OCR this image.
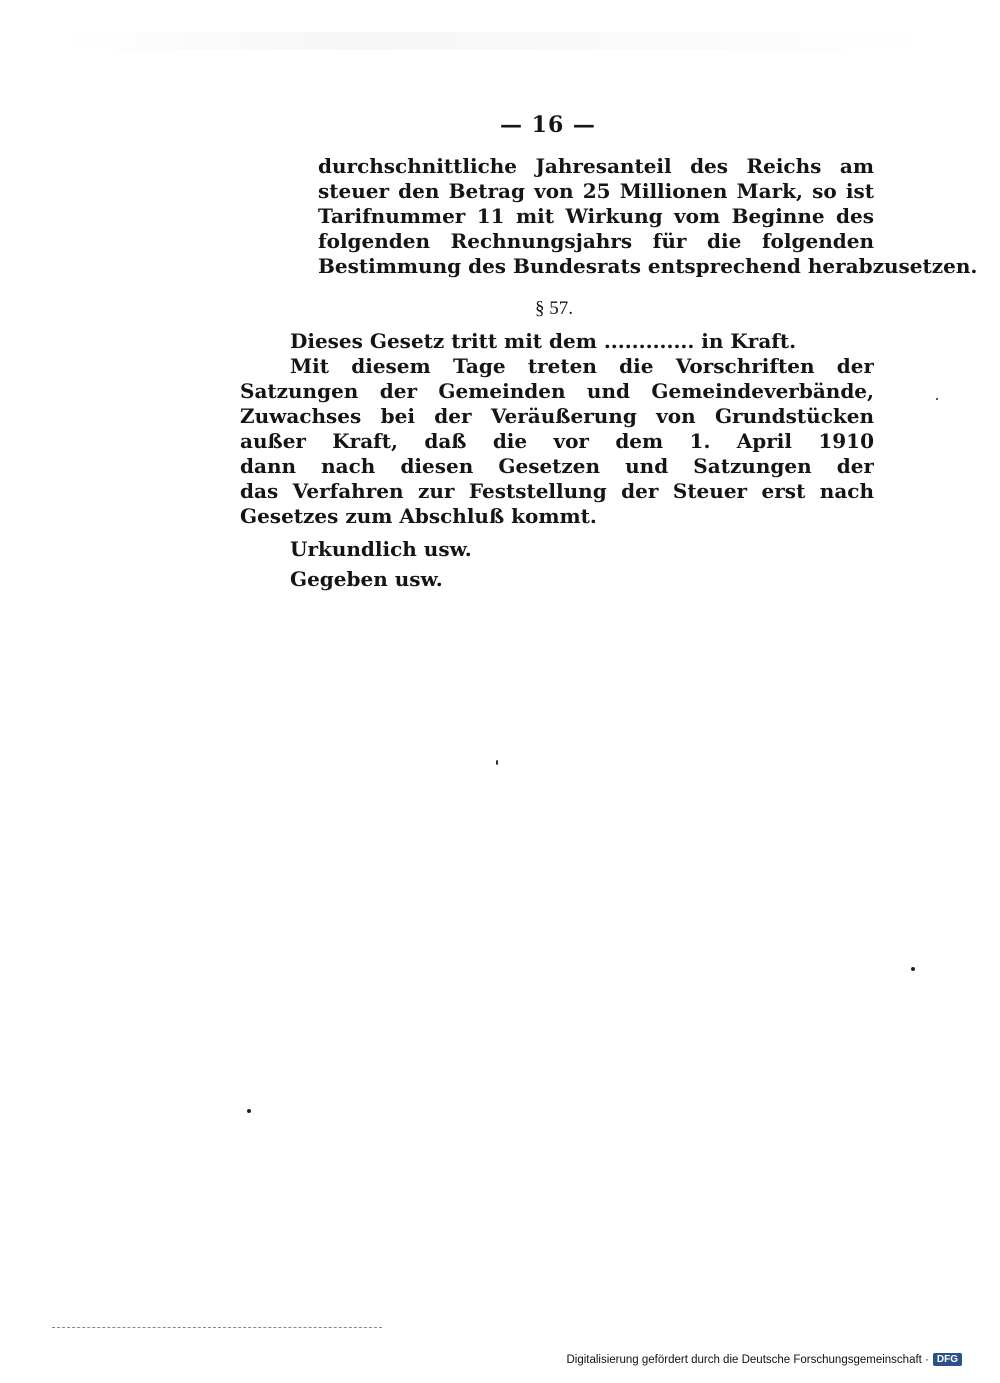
— 16 —
durchschnittliche Jahresanteil des Reichs am
steuer den Betrag von 25 Millionen Mark, so ist
Tarifnummer 11 mit Wirkung vom Beginne des
folgenden Rechnungsjahrs für die folgenden
Bestimmung des Bundesrats entsprechend herabzusetzen.
§ 57.
Dieses Gesetz tritt mit dem ............. in Kraft.
Mit diesem Tage treten die Vorschriften der
Satzungen der Gemeinden und Gemeindeverbände,
Zuwachses bei der Veräußerung von Grundstücken
außer Kraft, daß die vor dem 1. April 1910
dann nach diesen Gesetzen und Satzungen der
das Verfahren zur Feststellung der Steuer erst nach
Gesetzes zum Abschluß kommt.
Urkundlich usw.
Gegeben usw.
Digitalisierung gefördert durch die Deutsche Forschungsgemeinschaft · DFG
